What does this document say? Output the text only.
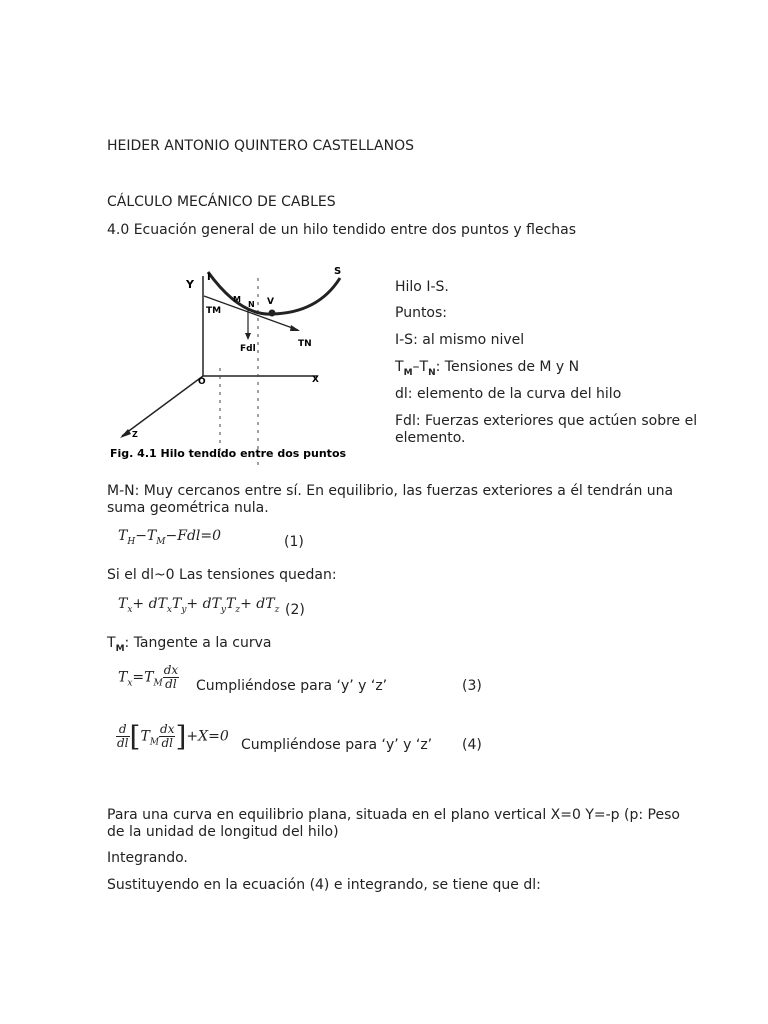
HEIDER ANTONIO QUINTERO CASTELLANOS
CÁLCULO MECÁNICO DE CABLES
4.0 Ecuación general de un hilo tendido entre dos puntos y flechas
I
S
Y
M
N V
TM
TN
Fdl
O	X
Z
Fig. 4.1 Hilo tendido entre dos puntos
Hilo I-S.
Puntos:
I-S: al mismo nivel
$T_M-T_N$: Tensiones de M y N
dl: elemento de la curva del hilo
Fdl: Fuerzas exteriores que actúen sobre el elemento.
M-N: Muy cercanos entre sí. En equilibrio, las fuerzas exteriores a él tendrán una suma geométrica nula.
$T_H-T_M-Fdl=0$	(1)
Si el dl~0 Las tensiones quedan:
$T_x+ dT_xT_y+ dT_yT_z+ dT_z$ (2)
$T_M$: Tangente a la curva
$T_x=T_M \frac{dx}{dl}$ Cumpliéndose para ‘y’ y ‘z’	(3)
$\frac{d}{dl} [T_M \frac{dx}{dl} ]+X=0$
Cumpliéndose para ‘y’ y ‘z’ (4)
Para una curva en equilibrio plana, situada en el plano vertical X=0 Y=-p (p: Peso de la unidad de longitud del hilo)
Integrando.
Sustituyendo en la ecuación (4) e integrando, se tiene que dl:
